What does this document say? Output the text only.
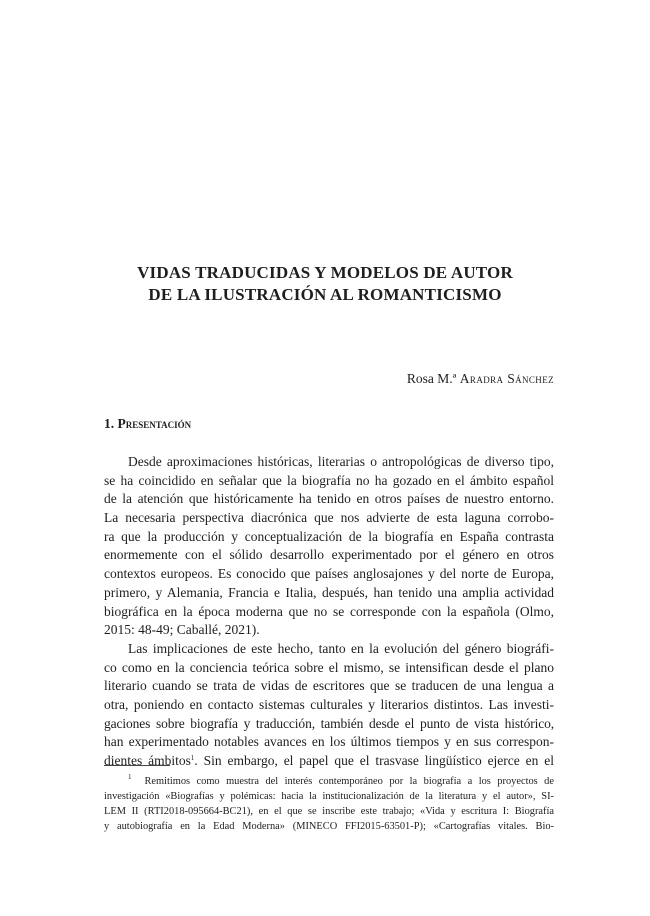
VIDAS TRADUCIDAS Y MODELOS DE AUTOR
DE LA ILUSTRACIÓN AL ROMANTICISMO
Rosa M.ª Aradra Sánchez
1. Presentación
Desde aproximaciones históricas, literarias o antropológicas de diverso tipo,
se ha coincidido en señalar que la biografía no ha gozado en el ámbito español
de la atención que históricamente ha tenido en otros países de nuestro entorno.
La necesaria perspectiva diacrónica que nos advierte de esta laguna corrobo-
ra que la producción y conceptualización de la biografía en España contrasta
enormemente con el sólido desarrollo experimentado por el género en otros
contextos europeos. Es conocido que países anglosajones y del norte de Europa,
primero, y Alemania, Francia e Italia, después, han tenido una amplia actividad
biográfica en la época moderna que no se corresponde con la española (Olmo,
2015: 48-49; Caballé, 2021).
Las implicaciones de este hecho, tanto en la evolución del género biográfi-
co como en la conciencia teórica sobre el mismo, se intensifican desde el plano
literario cuando se trata de vidas de escritores que se traducen de una lengua a
otra, poniendo en contacto sistemas culturales y literarios distintos. Las investi-
gaciones sobre biografía y traducción, también desde el punto de vista histórico,
han experimentado notables avances en los últimos tiempos y en sus correspon-
dientes ámbitos$^1$. Sin embargo, el papel que el trasvase lingüístico ejerce en el
$^1$ Remitimos como muestra del interés contemporáneo por la biografía a los proyectos de
investigación «Biografías y polémicas: hacia la institucionalización de la literatura y el autor», SI-
LEM II (RTI2018-095664-BC21), en el que se inscribe este trabajo; «Vida y escritura I: Biografía
y autobiografía en la Edad Moderna» (MINECO FFI2015-63501-P); «Cartografías vitales. Bio-
